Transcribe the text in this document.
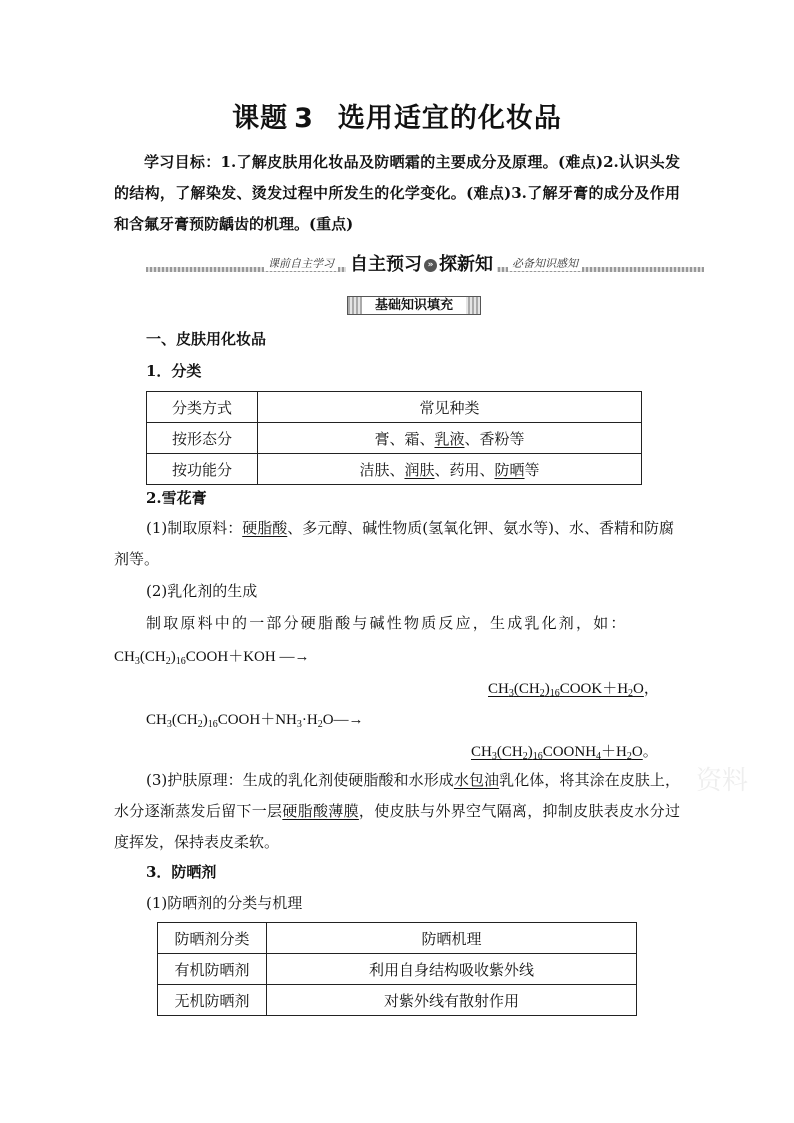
课题 3 选用适宜的化妆品
学习目标：1.了解皮肤用化妆品及防晒霜的主要成分及原理。(难点)2.认识头发的结构，了解染发、烫发过程中所发生的化学变化。(难点)3.了解牙膏的成分及作用和含氟牙膏预防龋齿的机理。(重点)
课前自主学习 自主预习 » 探新知	必备知识感知
基础知识填充
一、皮肤用化妆品
1．分类
分类方式	常见种类
按形态分	膏、霜、乳液、香粉等
按功能分	洁肤、润肤、药用、防晒等
2.雪花膏
(1)制取原料：硬脂酸、多元醇、碱性物质(氢氧化钾、氨水等)、水、香精和防腐剂等。
(2)乳化剂的生成
制取原料中的一部分硬脂酸与碱性物质反应，生成乳化剂，如：
$CH_3(CH_2)_{16}COOH+KOH$ ―→
$CH_3(CH_2)_{16}COOK+H_2O$，
$CH_3(CH_2)_{16}COOH+NH_3\cdot H_2O―\to$
$CH_3(CH_2)_{16}COONH_4+H_2O$。
资料
(3)护肤原理：生成的乳化剂使硬脂酸和水形成水包油乳化体，将其涂在皮肤上，水分逐渐蒸发后留下一层硬脂酸薄膜，使皮肤与外界空气隔离，抑制皮肤表皮水分过度挥发，保持表皮柔软。
3．防晒剂
(1)防晒剂的分类与机理
防晒剂分类	防晒机理
有机防晒剂	利用自身结构吸收紫外线
无机防晒剂	对紫外线有散射作用
